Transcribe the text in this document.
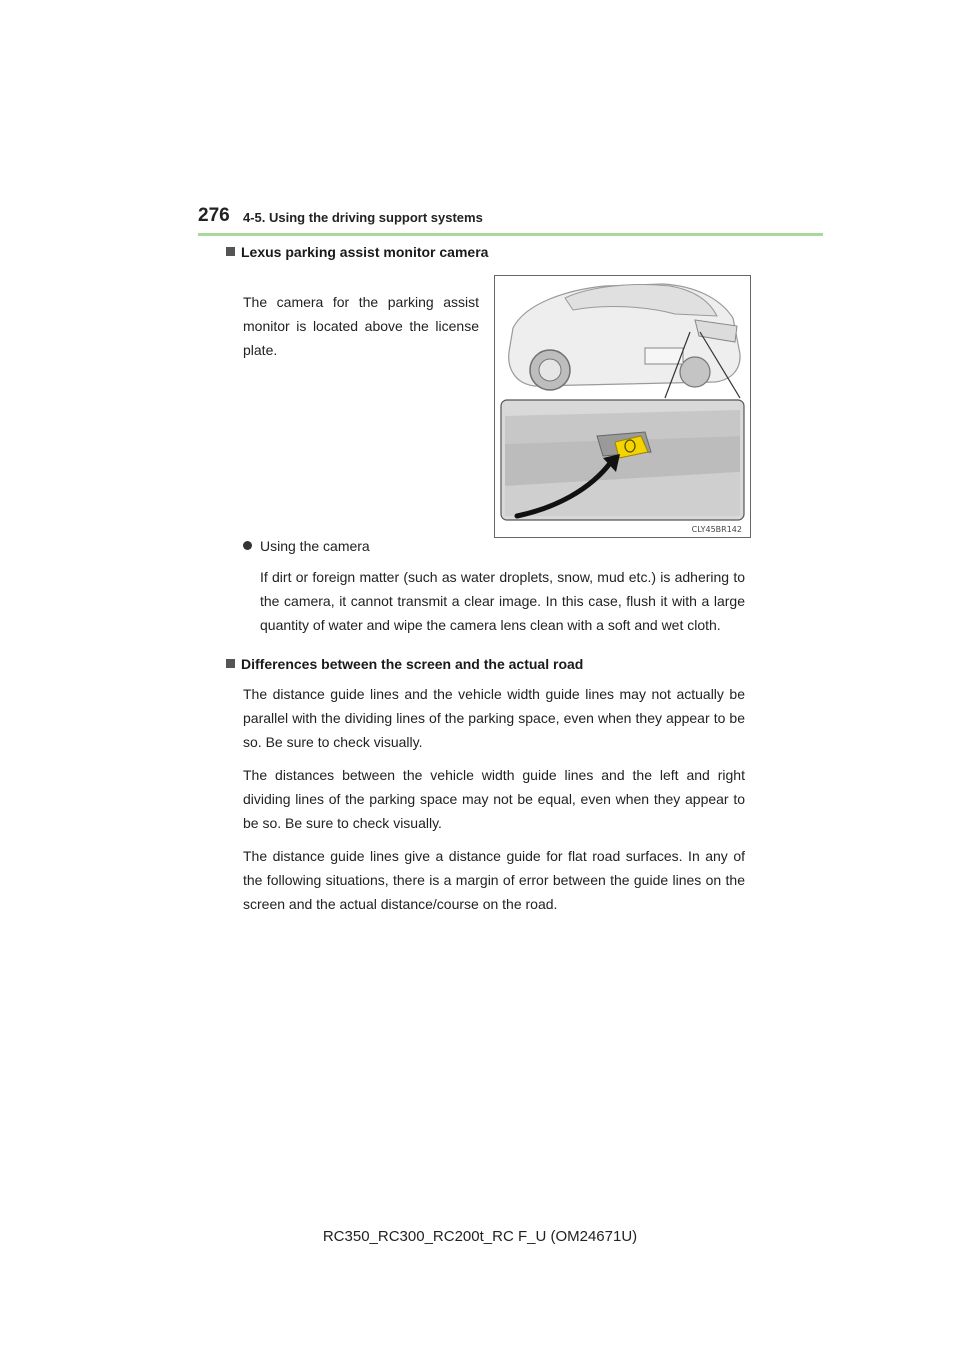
276 4-5. Using the driving support systems
Lexus parking assist monitor camera
The camera for the parking assist monitor is located above the license plate.
CLY45BR142
Using the camera
If dirt or foreign matter (such as water droplets, snow, mud etc.) is adhering to the camera, it cannot transmit a clear image. In this case, flush it with a large quantity of water and wipe the camera lens clean with a soft and wet cloth.
Differences between the screen and the actual road
The distance guide lines and the vehicle width guide lines may not actually be parallel with the dividing lines of the parking space, even when they appear to be so. Be sure to check visually.
The distances between the vehicle width guide lines and the left and right dividing lines of the parking space may not be equal, even when they appear to be so. Be sure to check visually.
The distance guide lines give a distance guide for flat road surfaces. In any of the following situations, there is a margin of error between the guide lines on the screen and the actual distance/course on the road.
RC350_RC300_RC200t_RC F_U (OM24671U)
